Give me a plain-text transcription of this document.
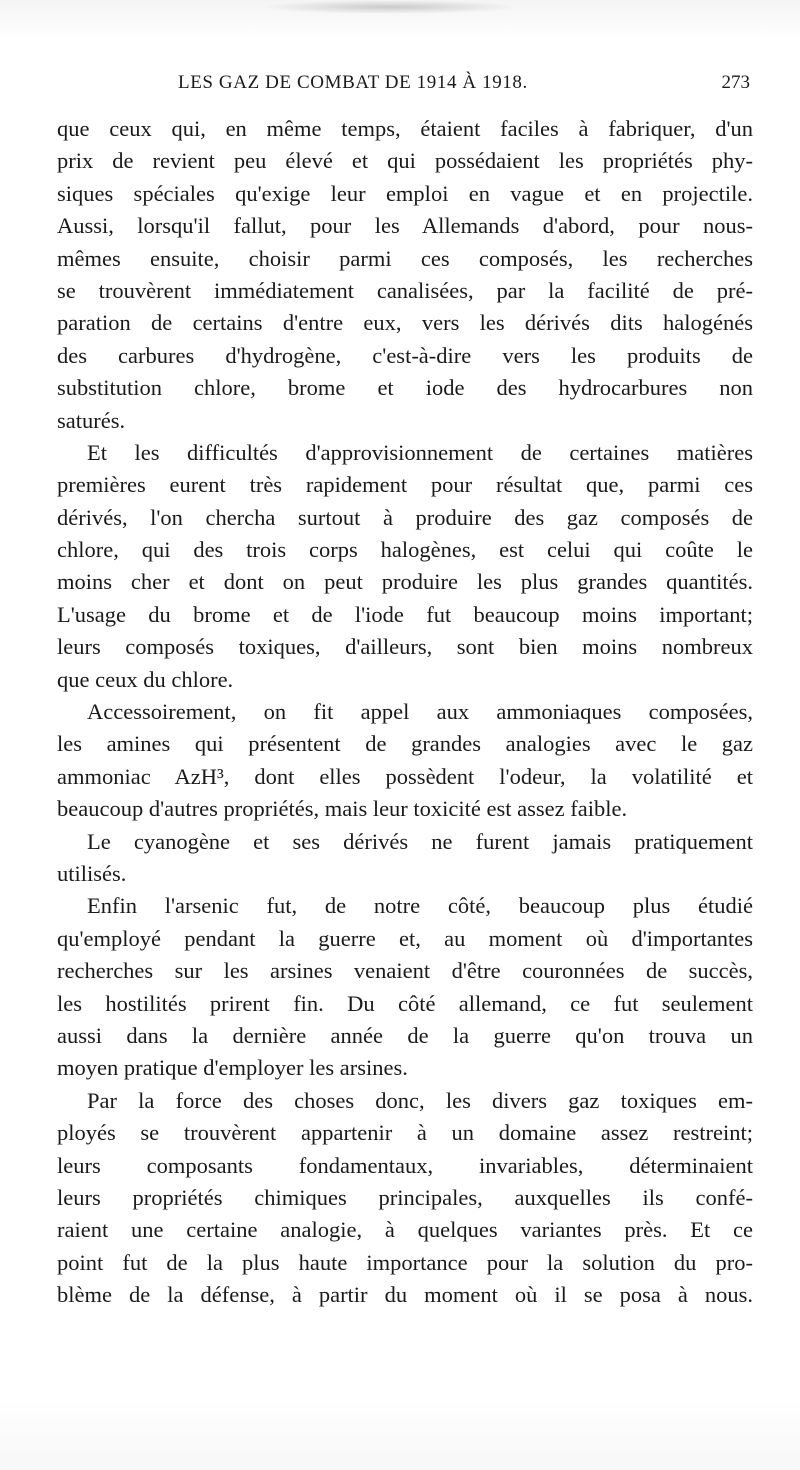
LES GAZ DE COMBAT DE 1914 À 1918.	273
que ceux qui, en même temps, étaient faciles à fabriquer, d'un
prix de revient peu élevé et qui possédaient les propriétés phy-
siques spéciales qu'exige leur emploi en vague et en projectile.
Aussi, lorsqu'il fallut, pour les Allemands d'abord, pour nous-
mêmes ensuite, choisir parmi ces composés, les recherches
se trouvèrent immédiatement canalisées, par la facilité de pré-
paration de certains d'entre eux, vers les dérivés dits halogénés
des carbures d'hydrogène, c'est-à-dire vers les produits de
substitution chlore, brome et iode des hydrocarbures non
saturés.
Et les difficultés d'approvisionnement de certaines matières
premières eurent très rapidement pour résultat que, parmi ces
dérivés, l'on chercha surtout à produire des gaz composés de
chlore, qui des trois corps halogènes, est celui qui coûte le
moins cher et dont on peut produire les plus grandes quantités.
L'usage du brome et de l'iode fut beaucoup moins important;
leurs composés toxiques, d'ailleurs, sont bien moins nombreux
que ceux du chlore.
Accessoirement, on fit appel aux ammoniaques composées,
les amines qui présentent de grandes analogies avec le gaz
ammoniac AzH³, dont elles possèdent l'odeur, la volatilité et
beaucoup d'autres propriétés, mais leur toxicité est assez faible.
Le cyanogène et ses dérivés ne furent jamais pratiquement
utilisés.
Enfin l'arsenic fut, de notre côté, beaucoup plus étudié
qu'employé pendant la guerre et, au moment où d'importantes
recherches sur les arsines venaient d'être couronnées de succès,
les hostilités prirent fin. Du côté allemand, ce fut seulement
aussi dans la dernière année de la guerre qu'on trouva un
moyen pratique d'employer les arsines.
Par la force des choses donc, les divers gaz toxiques em-
ployés se trouvèrent appartenir à un domaine assez restreint;
leurs composants fondamentaux, invariables, déterminaient
leurs propriétés chimiques principales, auxquelles ils confé-
raient une certaine analogie, à quelques variantes près. Et ce
point fut de la plus haute importance pour la solution du pro-
blème de la défense, à partir du moment où il se posa à nous.
